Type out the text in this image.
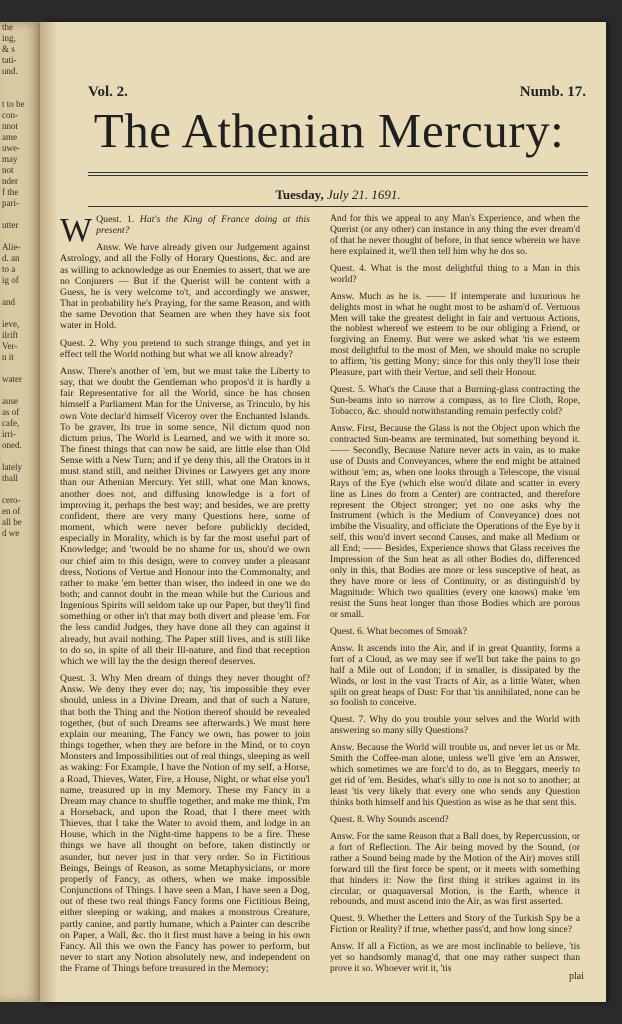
the
ing,
& s
tati-
und.

t to be
con-
nnot
ame
uwe-
may
not
nder
f the
pari-

utter

Alie-
d. an
to a
ig of

and

ieve,
ilrift
Ver-
n it

water

ause
as of
cafe,
irri-
oned.

lately
thall

cero-
en of
all be
d we
Vol. 2.	Numb. 17.
The Athenian Mercury:
Tuesday, July 21. 1691.

Quest. 1.
W	Hat's the King of France doing at this present?

Answ. We have already given our Judgement against Astrology, and all the Folly of Horary Questions, &c. and are as willing to acknowledge as our Enemies to assert, that we are no Conjurers — But if the Querist will be content with a Guess, he is very welcome to't, and accordingly we answer, That in probability he's Praying, for the same Reason, and with the same Devotion that Seamen are when they have six foot water in Hold.

Quest. 2. Why you pretend to such strange things, and yet in effect tell the World nothing but what we all know already?

Answ. There's another of 'em, but we must take the Liberty to say, that we doubt the Gentleman who propos'd it is hardly a fair Representative for all the World, since he has chosen himself a Parliament Man for the Universe, as Trinculo, by his own Vote declar'd himself Viceroy over the Enchanted Islands. To be graver, Its true in some sence, Nil dictum quod non dictum prius, The World is Learned, and we with it more so. The finest things that can now be said, are little else than Old Sense with a New Turn; and if ye deny this, all the Orators in it must stand still, and neither Divines or Lawyers get any more than our Athenian Mercury. Yet still, what one Man knows, another does not, and diffusing knowledge is a fort of improving it, perhaps the best way; and besides, we are pretty confident, there are very many Questions here, some of moment, which were never before publickly decided, especially in Morality, which is by far the most useful part of Knowledge; and 'twould be no shame for us, shou'd we own our chief aim to this design, were to convey under a pleasant dress, Notions of Vertue and Honour into the Commonalty, and rather to make 'em better than wiser, tho indeed in one we do both; and cannot doubt in the mean while but the Curious and Ingenious Spirits will seldom take up our Paper, but they'll find something or other in't that may both divert and please 'em. For the less candid Judges, they have done all they can against it already, but avail nothing. The Paper still lives, and is still like to do so, in spite of all their Ill-nature, and find that reception which we will lay the the design thereof deserves.

Quest. 3. Why Men dream of things they never thought of? Answ. We deny they ever do; nay, 'tis impossible they ever should, unless in a Divine Dream, and that of such a Nature, that both the Thing and the Notion thereof should be revealed together, (but of such Dreams see afterwards.) We must here explain our meaning, The Fancy we own, has power to join things together, when they are before in the Mind, or to coyn Monsters and Impossibilities out of real things, sleeping as well as waking: For Example, I have the Notion of my self, a Horse, a Road, Thieves, Water, Fire, a House, Night, or what else you'l name, treasured up in my Memory. These my Fancy in a Dream may chance to shuffle together, and make me think, I'm a Horseback, and upon the Road, that I there meet with Thieves, that I take the Water to avoid them, and lodge in an House, which in the Night-time happens to be a fire. These things we have all thought on before, taken distinctly or asunder, but never just in that very order. So in Fictitious Beings, Beings of Reason, as some Metaphysicians, or more properly of Fancy, as others, when we make impossible Conjunctions of Things. I have seen a Man, I have seen a Dog, out of these two real things Fancy forms one Fictitious Being, either sleeping or waking, and makes a monstrous Creature, partly canine, and partly humane, which a Painter can describe on Paper, a Wall, &c. tho it first must have a being in his own Fancy. All this we own the Fancy has power to perform, but never to start any Notion absolutely new, and independent on the Frame of Things before treasured in the Memory;

And for this we appeal to any Man's Experience, and when the Querist (or any other) can instance in any thing the ever dream'd of that he never thought of before, in that sence wherein we have here explained it, we'll then tell him why he dos so.

Quest. 4. What is the most delightful thing to a Man in this world?

Answ. Much as he is. —— If intemperate and luxurious he delights most in what he ought most to be asham'd of. Vertuous Men will take the greatest delight in fair and vertuous Actions, the noblest whereof we esteem to be our obliging a Friend, or forgiving an Enemy. But were we asked what 'tis we esteem most delightful to the most of Men, we should make no scruple to affirm, 'tis getting Mony; since for this only they'll lose their Pleasure, part with their Vertue, and sell their Honour.

Quest. 5. What's the Cause that a Burning-glass contracting the Sun-beams into so narrow a compass, as to fire Cloth, Rope, Tobacco, &c. should notwithstanding remain perfectly cold?

Answ. First, Because the Glass is not the Object upon which the contracted Sun-beams are terminated, but something beyond it. —— Secondly, Because Nature never acts in vain, as to make use of Dusts and Conveyances, where the end might be attained without 'em; as, when one looks through a Telescope, the visual Rays of the Eye (which else wou'd dilate and scatter in every line as Lines do from a Center) are contracted, and therefore represent the Object stronger; yet no one asks why the Instrument (which is the Medium of Conveyance) does not imbibe the Visuality, and officiate the Operations of the Eye by it self, this wou'd invert second Causes, and make all Medium or all End; —— Besides, Experience shows that Glass receives the Impression of the Sun heat as all other Bodies do, differenced only in this, that Bodies are more or less susceptive of heat, as they have more or less of Continuity, or as distinguish'd by Magnitude: Which two qualities (every one knows) make 'em resist the Suns heat longer than those Bodies which are porous or small.

Quest. 6. What becomes of Smoak?

Answ. It ascends into the Air, and if in great Quantity, forms a fort of a Cloud, as we may see if we'll but take the pains to go half a Mile out of London; if in smaller, is dissipated by the Winds, or lost in the vast Tracts of Air, as a little Water, when spilt on great heaps of Dust: For that 'tis annihilated, none can be so foolish to conceive.

Quest. 7. Why do you trouble your selves and the World with answering so many silly Questions?

Answ. Because the World will trouble us, and never let us or Mr. Smith the Coffee-man alone, unless we'll give 'em an Answer, which sometimes we are forc'd to do, as to Beggars, meerly to get rid of 'em. Besides, what's silly to one is not so to another; at least 'tis very likely that every one who sends any Question thinks both himself and his Question as wise as he that sent this.

Quest. 8. Why Sounds ascend?

Answ. For the same Reason that a Ball does, by Repercussion, or a fort of Reflection. The Air being moved by the Sound, (or rather a Sound being made by the Motion of the Air) moves still forward till the first force be spent, or it meets with something that hinders it: Now the first thing it strikes against in its circular, or quaquaversal Motion, is the Earth, whence it rebounds, and must ascend into the Air, as was first asserted.

Quest. 9. Whether the Letters and Story of the Turkish Spy be a Fiction or Reality? if true, whether pass'd, and how long since?

Answ. If all a Fiction, as we are most inclinable to believe, 'tis yet so handsomly manag'd, that one may rather suspect than prove it so. Whoever writ it, 'tis

plai
